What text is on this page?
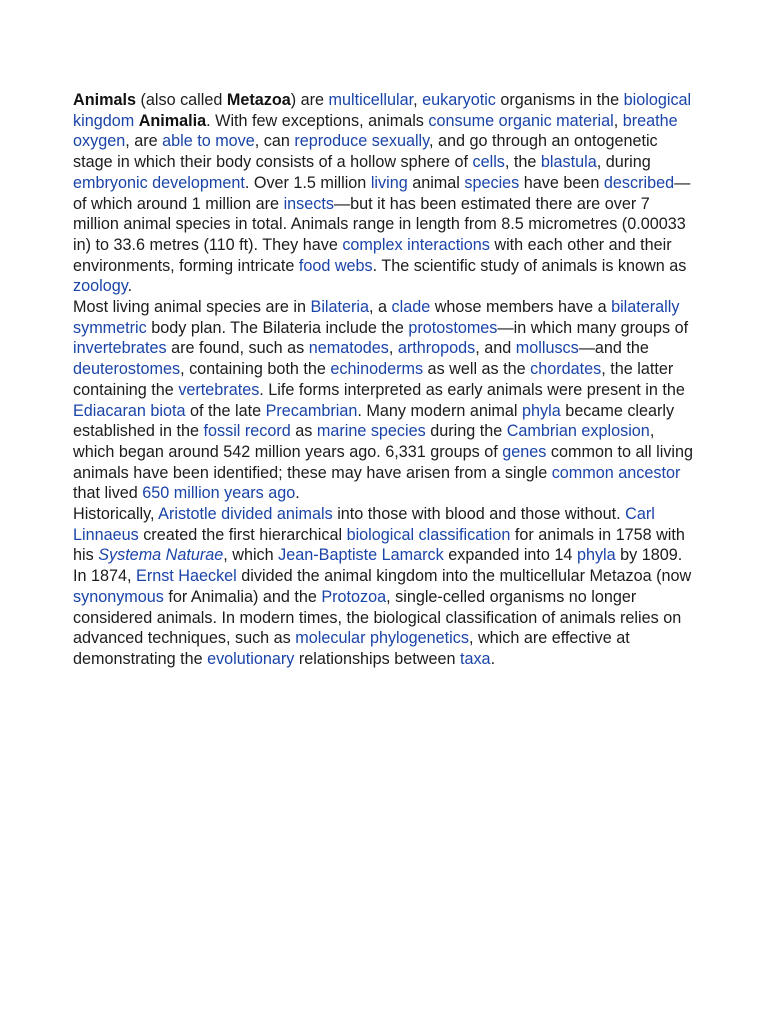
Animals (also called Metazoa) are multicellular, eukaryotic organisms in the biological kingdom Animalia. With few exceptions, animals consume organic material, breathe oxygen, are able to move, can reproduce sexually, and go through an ontogenetic stage in which their body consists of a hollow sphere of cells, the blastula, during embryonic development. Over 1.5 million living animal species have been described—of which around 1 million are insects—but it has been estimated there are over 7 million animal species in total. Animals range in length from 8.5 micrometres (0.00033 in) to 33.6 metres (110 ft). They have complex interactions with each other and their environments, forming intricate food webs. The scientific study of animals is known as zoology.

Most living animal species are in Bilateria, a clade whose members have a bilaterally symmetric body plan. The Bilateria include the protostomes—in which many groups of invertebrates are found, such as nematodes, arthropods, and molluscs—and the deuterostomes, containing both the echinoderms as well as the chordates, the latter containing the vertebrates. Life forms interpreted as early animals were present in the Ediacaran biota of the late Precambrian. Many modern animal phyla became clearly established in the fossil record as marine species during the Cambrian explosion, which began around 542 million years ago. 6,331 groups of genes common to all living animals have been identified; these may have arisen from a single common ancestor that lived 650 million years ago.

Historically, Aristotle divided animals into those with blood and those without. Carl Linnaeus created the first hierarchical biological classification for animals in 1758 with his Systema Naturae, which Jean-Baptiste Lamarck expanded into 14 phyla by 1809. In 1874, Ernst Haeckel divided the animal kingdom into the multicellular Metazoa (now synonymous for Animalia) and the Protozoa, single-celled organisms no longer considered animals. In modern times, the biological classification of animals relies on advanced techniques, such as molecular phylogenetics, which are effective at demonstrating the evolutionary relationships between taxa.
